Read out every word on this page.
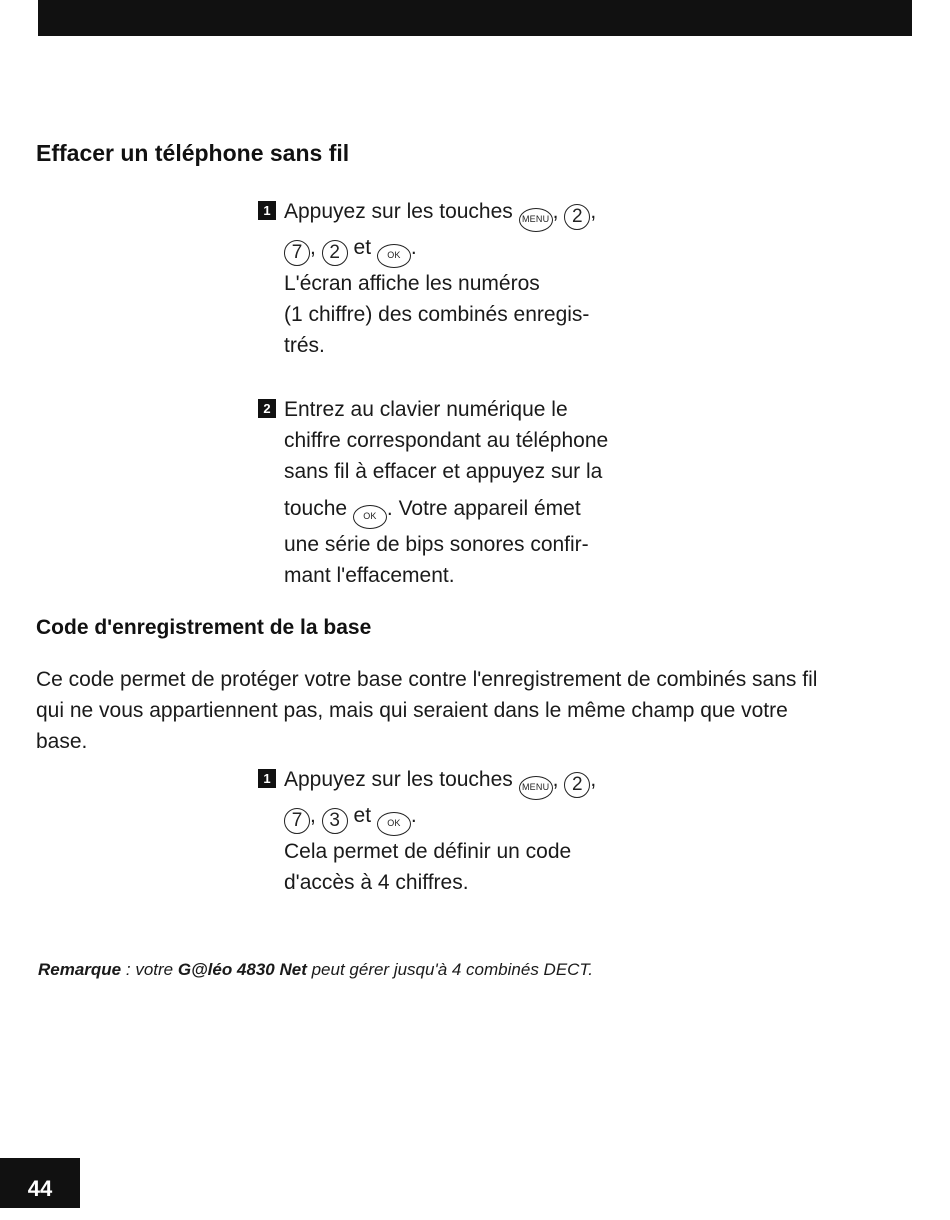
Effacer un téléphone sans fil
1 Appuyez sur les touches MENU , 2 ,
7 , 2 et OK .
L'écran affiche les numéros
(1 chiffre) des combinés enregis-
trés.
2 Entrez au clavier numérique le
chiffre correspondant au téléphone
sans fil à effacer et appuyez sur la
touche OK . Votre appareil émet
une série de bips sonores confir-
mant l'effacement.
Code d'enregistrement de la base
Ce code permet de protéger votre base contre l'enregistrement de combinés sans fil
qui ne vous appartiennent pas, mais qui seraient dans le même champ que votre
base.
1 Appuyez sur les touches MENU , 2 ,
7 , 3 et OK .
Cela permet de définir un code
d'accès à 4 chiffres.
Remarque : votre G@léo 4830 Net peut gérer jusqu'à 4 combinés DECT.
44
